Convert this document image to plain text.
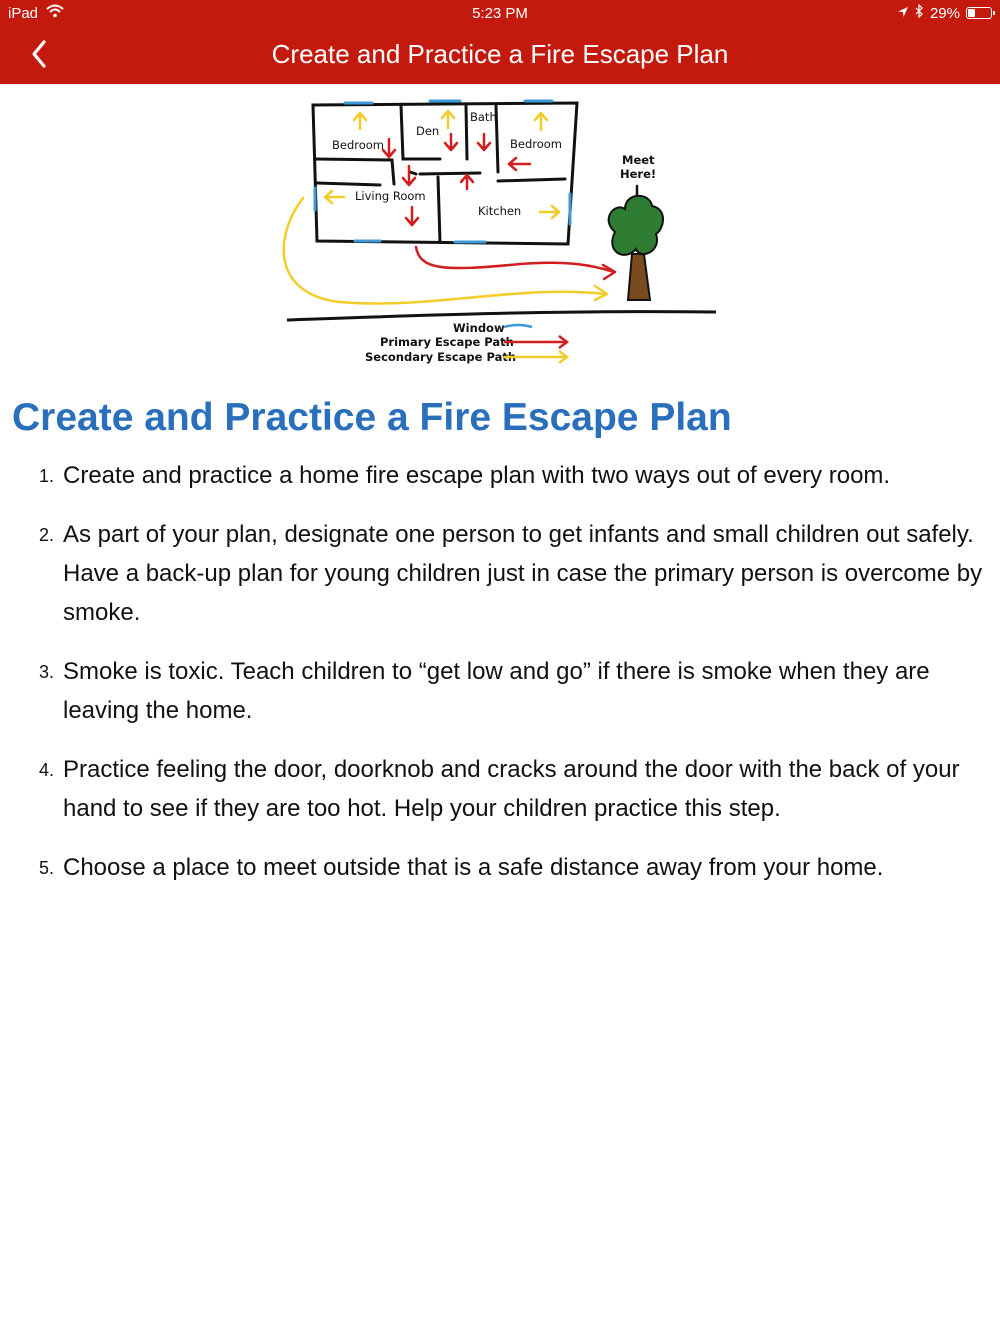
iPad	5:23 PM	29%
Create and Practice a Fire Escape Plan
Bedroom
Den
Bath
Bedroom
Living Room
Kitchen
Meet
Here!
Window
Primary Escape Path
Secondary Escape Path
Create and Practice a Fire Escape Plan
1. Create and practice a home fire escape plan with two ways out of every room.
2. As part of your plan, designate one person to get infants and small children out safely. Have a back-up plan for young children just in case the primary person is overcome by smoke.
3. Smoke is toxic. Teach children to “get low and go” if there is smoke when they are leaving the home.
4. Practice feeling the door, doorknob and cracks around the door with the back of your hand to see if they are too hot. Help your children practice this step.
5. Choose a place to meet outside that is a safe distance away from your home.
